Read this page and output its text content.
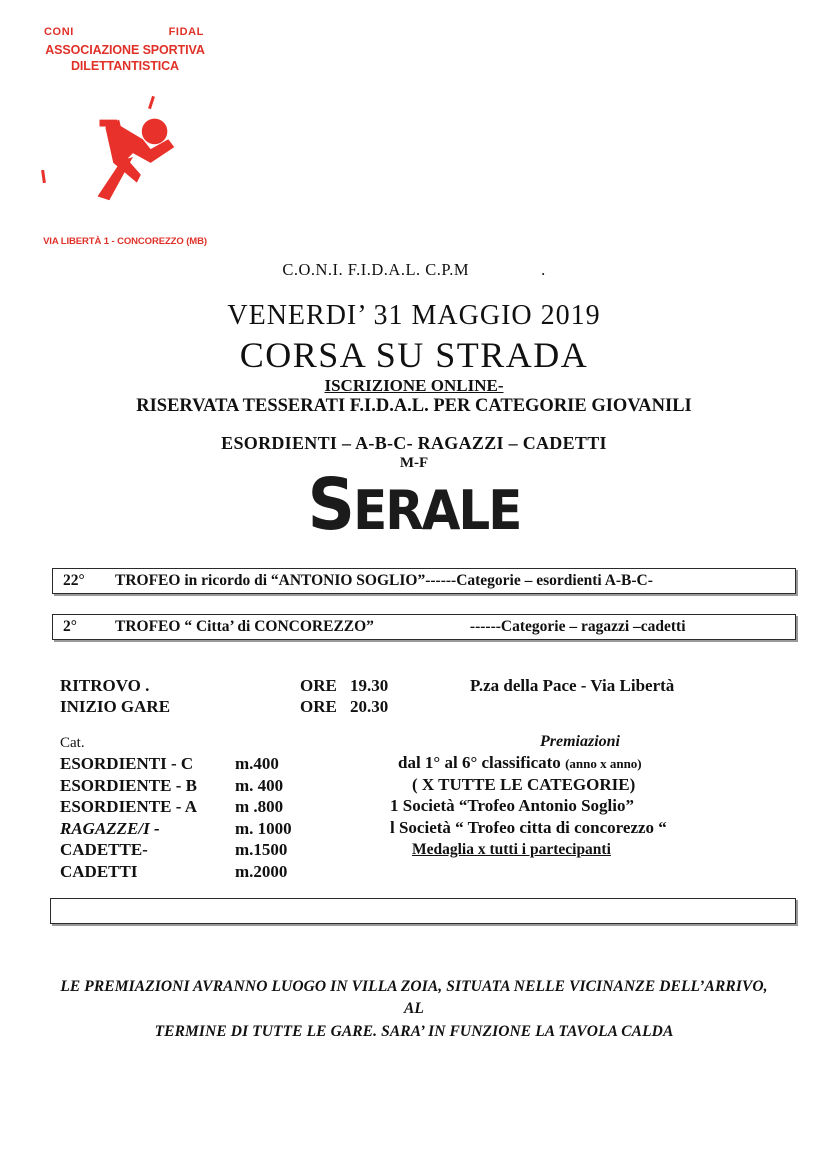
CONI	FIDAL
ASSOCIAZIONE SPORTIVA
DILETTANTISTICA
VIA LIBERTÀ 1 - CONCOREZZO (MB)
C.O.N.I. F.I.D.A.L. C.P.M	.
VENERDI’ 31 MAGGIO 2019
CORSA SU STRADA
ISCRIZIONE ONLINE-
RISERVATA TESSERATI F.I.D.A.L. PER CATEGORIE GIOVANILI
ESORDIENTI – A-B-C- RAGAZZI – CADETTI
M-F
SERALE
22° TROFEO in ricordo di “ANTONIO SOGLIO”------Categorie – esordienti A-B-C-
2° TROFEO “ Citta’ di CONCOREZZO”	------Categorie – ragazzi –cadetti
RITROVO .	ORE 19.30	P.za della Pace - Via Libertà
INIZIO GARE	ORE 20.30
Cat.
ESORDIENTI - C	m.400
ESORDIENTE - B	m. 400
ESORDIENTE - A	m .800
RAGAZZE/I -	m. 1000
CADETTE-	m.1500
CADETTI	m.2000
Premiazioni
dal 1° al 6° classificato (anno x anno)
( X TUTTE LE CATEGORIE)
1 Società “Trofeo Antonio Soglio”
l Società “ Trofeo citta di concorezzo “
Medaglia x tutti i partecipanti
LE PREMIAZIONI AVRANNO LUOGO IN VILLA ZOIA, SITUATA NELLE VICINANZE DELL’ARRIVO, AL
TERMINE DI TUTTE LE GARE. SARA’ IN FUNZIONE LA TAVOLA CALDA
